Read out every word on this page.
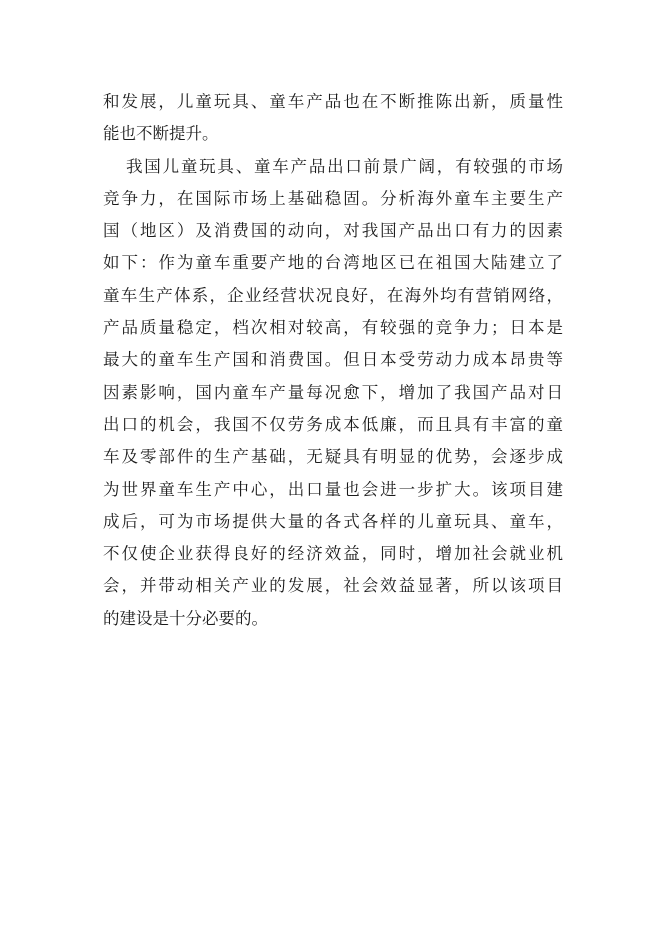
和发展，儿童玩具、童车产品也在不断推陈出新，质量性
能也不断提升。
我国儿童玩具、童车产品出口前景广阔，有较强的市场
竞争力，在国际市场上基础稳固。分析海外童车主要生产
国（地区）及消费国的动向，对我国产品出口有力的因素
如下：作为童车重要产地的台湾地区已在祖国大陆建立了
童车生产体系，企业经营状况良好，在海外均有营销网络，
产品质量稳定，档次相对较高，有较强的竞争力；日本是
最大的童车生产国和消费国。但日本受劳动力成本昂贵等
因素影响，国内童车产量每况愈下，增加了我国产品对日
出口的机会，我国不仅劳务成本低廉，而且具有丰富的童
车及零部件的生产基础，无疑具有明显的优势，会逐步成
为世界童车生产中心，出口量也会进一步扩大。该项目建
成后，可为市场提供大量的各式各样的儿童玩具、童车，
不仅使企业获得良好的经济效益，同时，增加社会就业机
会，并带动相关产业的发展，社会效益显著，所以该项目
的建设是十分必要的。
